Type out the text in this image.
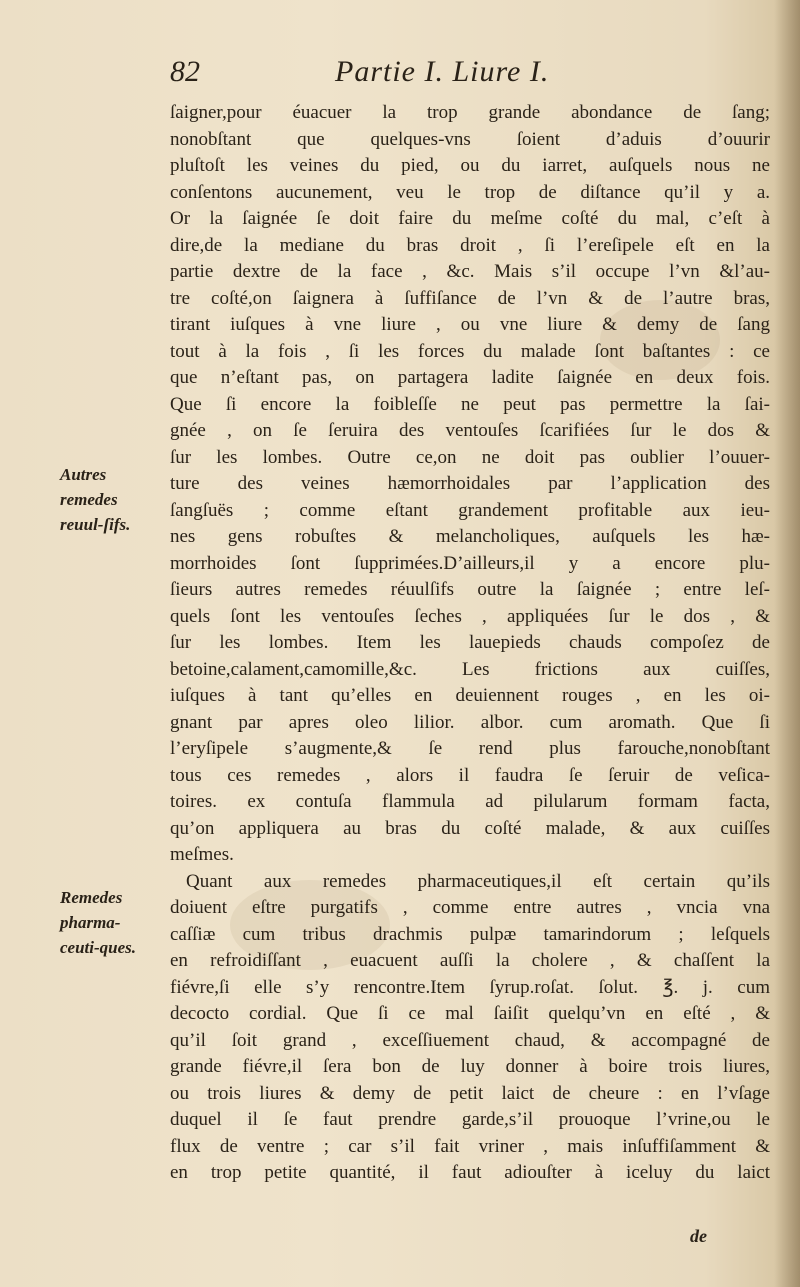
82	Partie I. Liure I.
Autres remedes reuul-ſifs.
Remedes pharma-ceuti-ques.
ſaigner,pour éuacuer la trop grande abondance de ſang;
nonobſtant que quelques-vns ſoient d’aduis d’ouurir
pluſtoſt les veines du pied, ou du iarret, auſquels nous ne
conſentons aucunement, veu le trop de diſtance qu’il y a.
Or la ſaignée ſe doit faire du meſme coſté du mal, c’eſt à
dire,de la mediane du bras droit , ſi l’ereſipele eſt en la
partie dextre de la face , &c. Mais s’il occupe l’vn &l’au-
tre coſté,on ſaignera à ſuffiſance de l’vn & de l’autre bras,
tirant iuſques à vne liure , ou vne liure & demy de ſang
tout à la fois , ſi les forces du malade ſont baſtantes : ce
que n’eſtant pas, on partagera ladite ſaignée en deux fois.
Que ſi encore la foibleſſe ne peut pas permettre la ſai-
gnée , on ſe ſeruira des ventouſes ſcarifiées ſur le dos &
ſur les lombes. Outre ce,on ne doit pas oublier l’ouuer-
ture des veines hæmorrhoidales par l’application des
ſangſuës ; comme eſtant grandement profitable aux ieu-
nes gens robuſtes & melancholiques, auſquels les hæ-
morrhoides ſont ſupprimées.D’ailleurs,il y a encore plu-
ſieurs autres remedes réuulſifs outre la ſaignée ; entre leſ-
quels ſont les ventouſes ſeches , appliquées ſur le dos , &
ſur les lombes. Item les lauepieds chauds compoſez de
betoine,calament,camomille,&c. Les frictions aux cuiſſes,
iuſques à tant qu’elles en deuiennent rouges , en les oi-
gnant par apres oleo lilior. albor. cum aromath. Que ſi
l’eryſipele s’augmente,& ſe rend plus farouche,nonobſtant
tous ces remedes , alors il faudra ſe ſeruir de veſica-
toires. ex contuſa flammula ad pilularum formam facta,
qu’on appliquera au bras du coſté malade, & aux cuiſſes
meſmes.
Quant aux remedes pharmaceutiques,il eſt certain qu’ils
doiuent eſtre purgatifs , comme entre autres , vncia vna
caſſiæ cum tribus drachmis pulpæ tamarindorum ; leſquels
en refroidiſſant , euacuent auſſi la cholere , & chaſſent la
fiévre,ſi elle s’y rencontre.Item ſyrup.roſat. ſolut. ℥. j. cum
decocto cordial. Que ſi ce mal ſaiſit quelqu’vn en eſté , &
qu’il ſoit grand , exceſſiuement chaud, & accompagné de
grande fiévre,il ſera bon de luy donner à boire trois liures,
ou trois liures & demy de petit laict de cheure : en l’vſage
duquel il ſe faut prendre garde,s’il prouoque l’vrine,ou le
flux de ventre ; car s’il fait vriner , mais inſuffiſamment &
en trop petite quantité, il faut adiouſter à iceluy du laict
de
